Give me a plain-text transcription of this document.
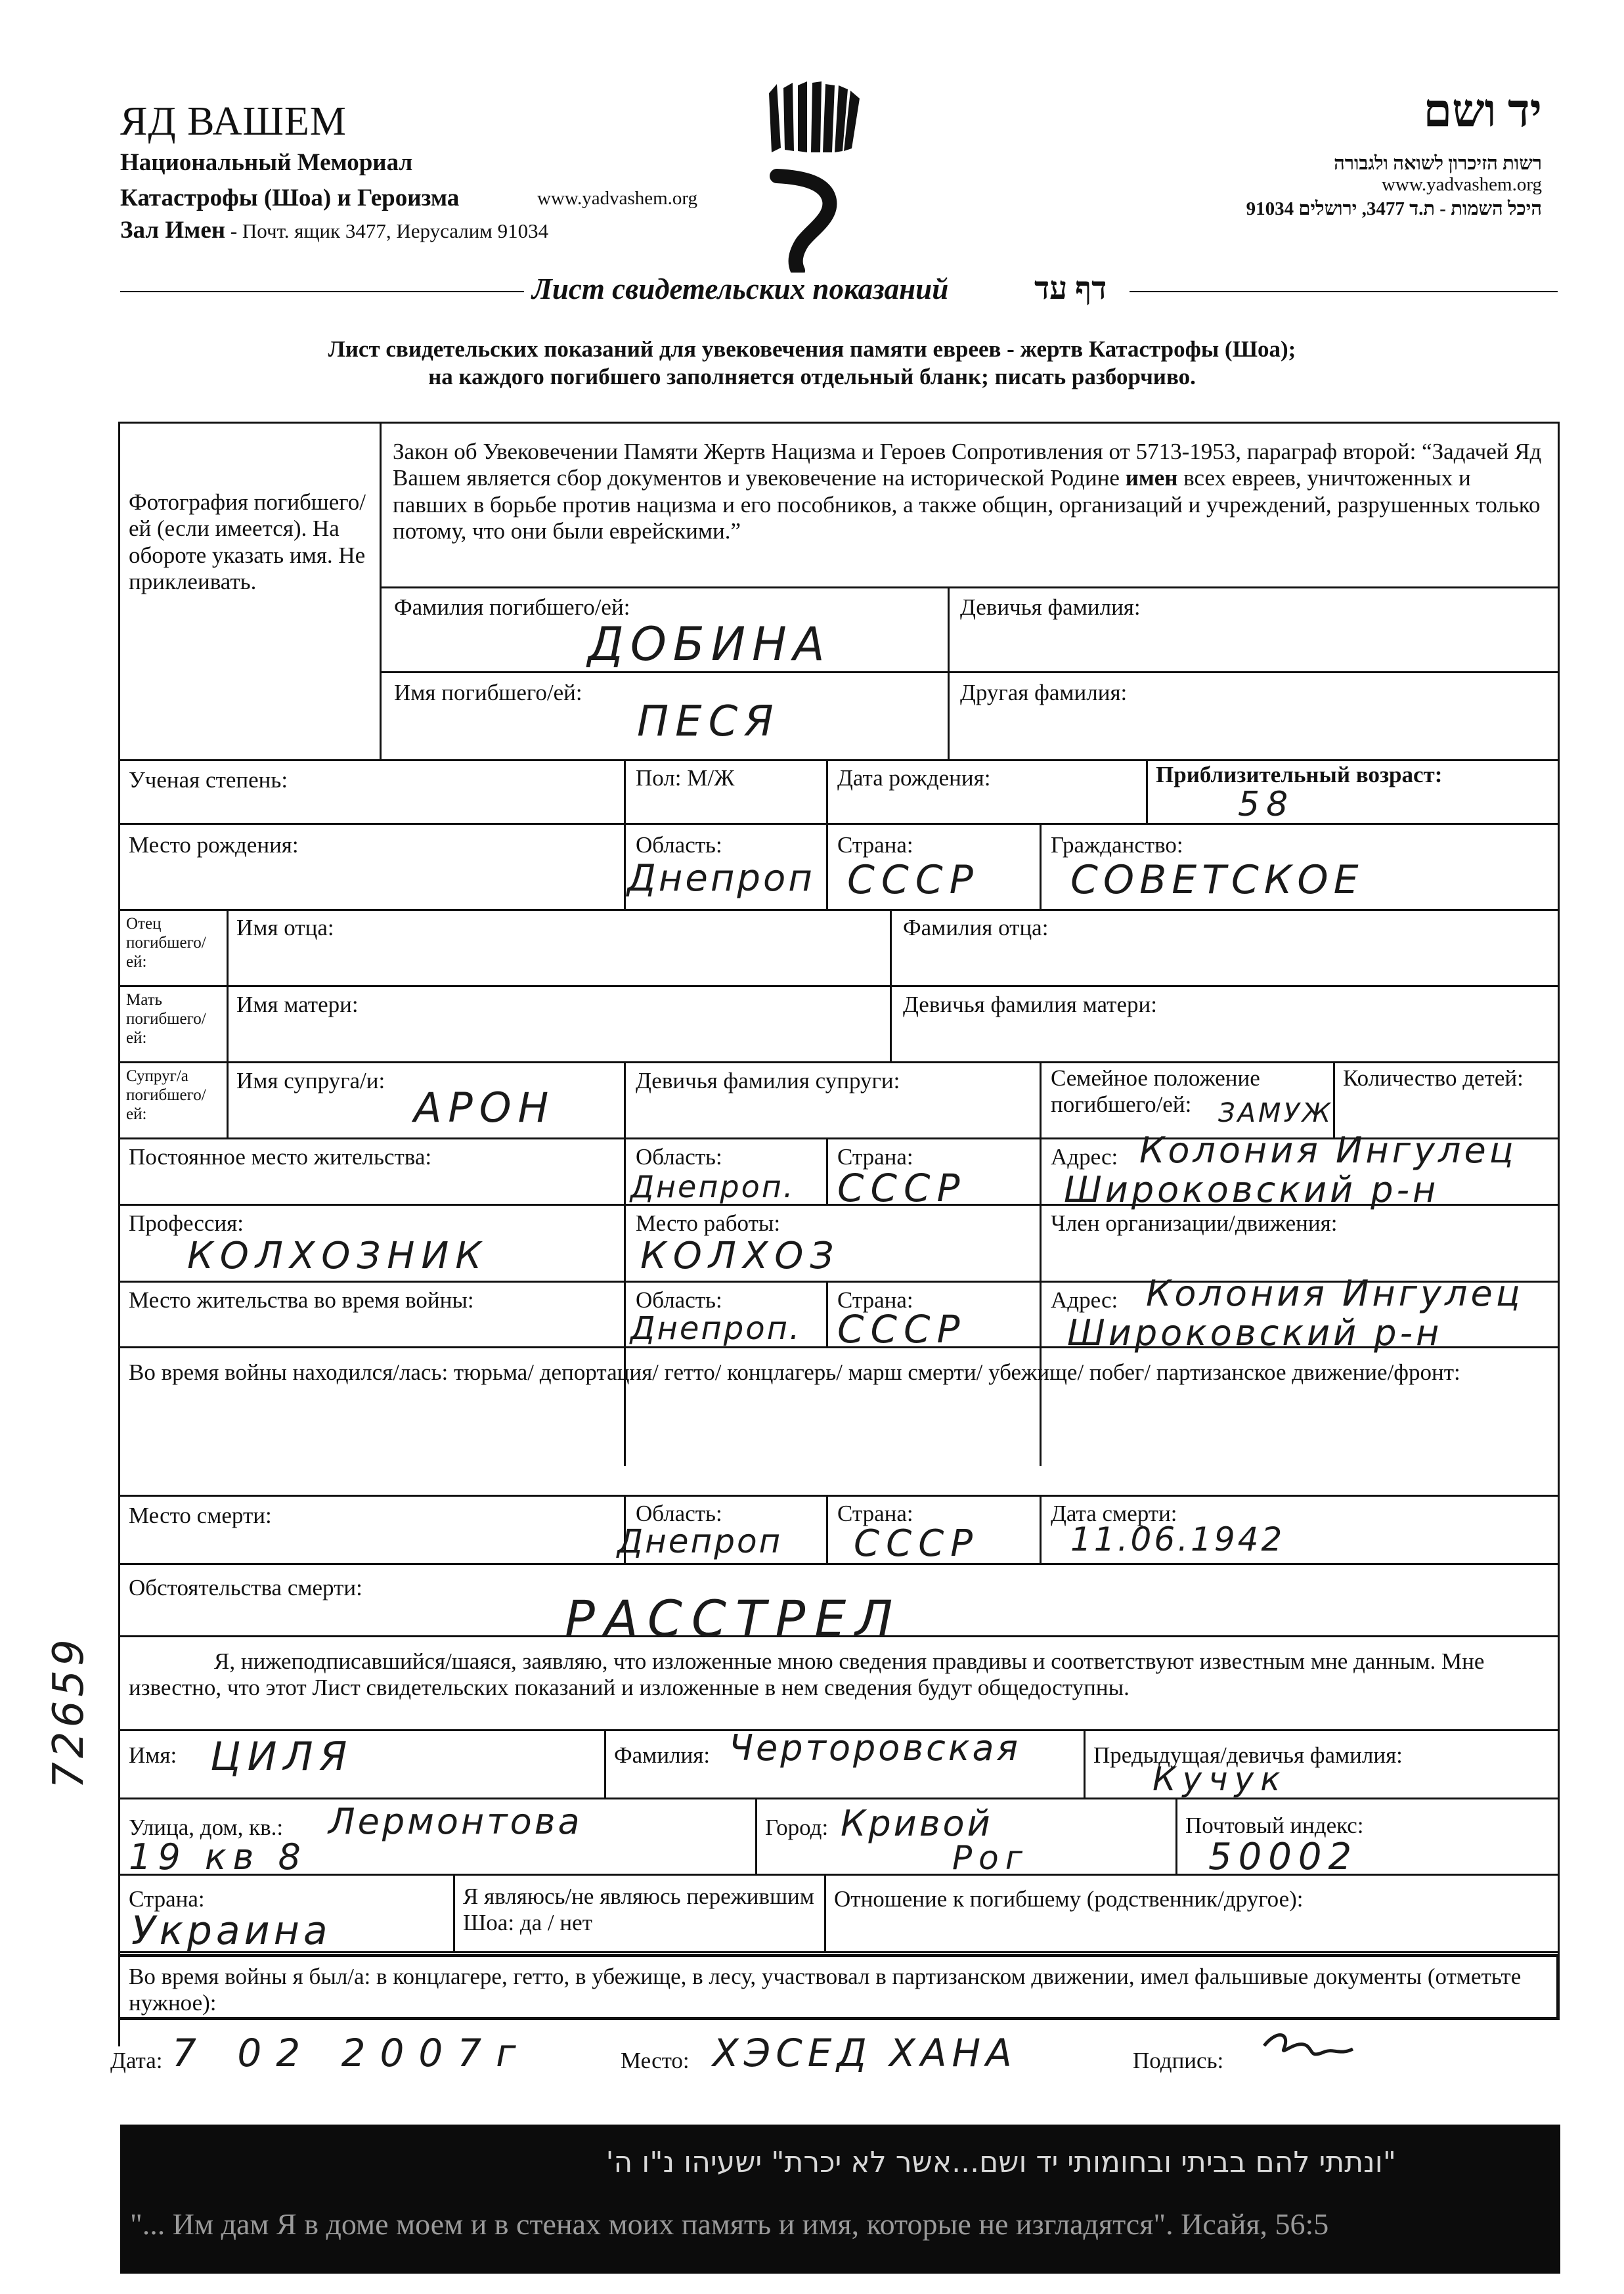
ЯД ВАШЕМ
Национальный Мемориал
Катастрофы (Шоа) и Героизма	www.yadvashem.org
Зал Имен - Почт. ящик 3477, Иерусалим 91034
יד ושם
רשות הזיכרון לשואה ולגבורה
www.yadvashem.org
היכל השמות - ת.ד 3477, ירושלים 91034
Лист свидетельских показаний	דף עד
Лист свидетельских показаний для увековечения памяти евреев - жертв Катастрофы (Шоа);
на каждого погибшего заполняется отдельный бланк; писать разборчиво.
Фотография погибшего/ей (если имеется). На обороте указать имя. Не приклеивать.
Закон об Увековечении Памяти Жертв Нацизма и Героев Сопротивления от 5713-1953, параграф второй: “Задачей Яд Вашем является сбор документов и увековечение на исторической Родине имен всех евреев, уничтоженных и павших в борьбе против нацизма и его пособников, а также общин, организаций и учреждений, разрушенных только потому, что они были еврейскими.”
Фамилия погибшего/ей:
ДОБИНА
Девичья фамилия:
Имя погибшего/ей:
ПЕСЯ
Другая фамилия:
Ученая степень:	Пол: М/Ж	Дата рождения:	Приблизительный возраст:
58
Место рождения:	Область:
Днепроп
Страна:
СССР
Гражданство:
СОВЕТСКОЕ
Отец погибшего/ей:
Имя отца:	Фамилия отца:
Мать погибшего/ей:
Имя матери:	Девичья фамилия матери:
Супруг/а погибшего/ей:
Имя супруга/и:
АРОН
Девичья фамилия супруги:	Семейное положение погибшего/ей:	ЗАМУЖ
Количество детей:
Постоянное место жительства:	Область:
Днепроп.
Страна:
СССР
Адрес: Колония Ингулец
Широковский р-н
Профессия:
КОЛХОЗНИК
Место работы:
КОЛХОЗ
Член организации/движения:
Место жительства во время войны:	Область:
Днепроп.
Страна:
СССР
Адрес: Колония Ингулец
Широковский р-н
Во время войны находился/лась: тюрьма/ депортация/ гетто/ концлагерь/ марш смерти/ убежище/ побег/ партизанское движение/фронт:
Место смерти:	Область:
Днепроп
Страна:
СССР
Дата смерти:
11.06.1942
Обстоятельства смерти:
РАССТРЕЛ
Я, нижеподписавшийся/шаяся, заявляю, что изложенные мною сведения правдивы и соответствуют известным мне данным. Мне известно, что этот Лист свидетельских показаний и изложенные в нем сведения будут общедоступны.
Имя: ЦИЛЯ	Фамилия: Черторовская	Предыдущая/девичья фамилия:
Кучук
Улица, дом, кв.: Лермонтова
19 кв 8
Город: Кривой
Рог
Почтовый индекс:
50002
Страна:
Украина
Я являюсь/не являюсь пережившим Шоа: да / нет
Отношение к погибшему (родственник/другое):
Во время войны я был/а: в концлагере, гетто, в убежище, в лесу, участвовал в партизанском движении, имел фальшивые документы (отметьте нужное):
Дата: 7 02 2007г	Место: ХЭСЕД ХАНА	Подпись:
72659
"ונתתי להם בביתי ובחומותי יד ושם...אשר לא יכרת" ישעיהו נ"ו ה'
"... Им дам Я в доме моем и в стенах моих память и имя, которые не изгладятся". Исайя, 56:5
